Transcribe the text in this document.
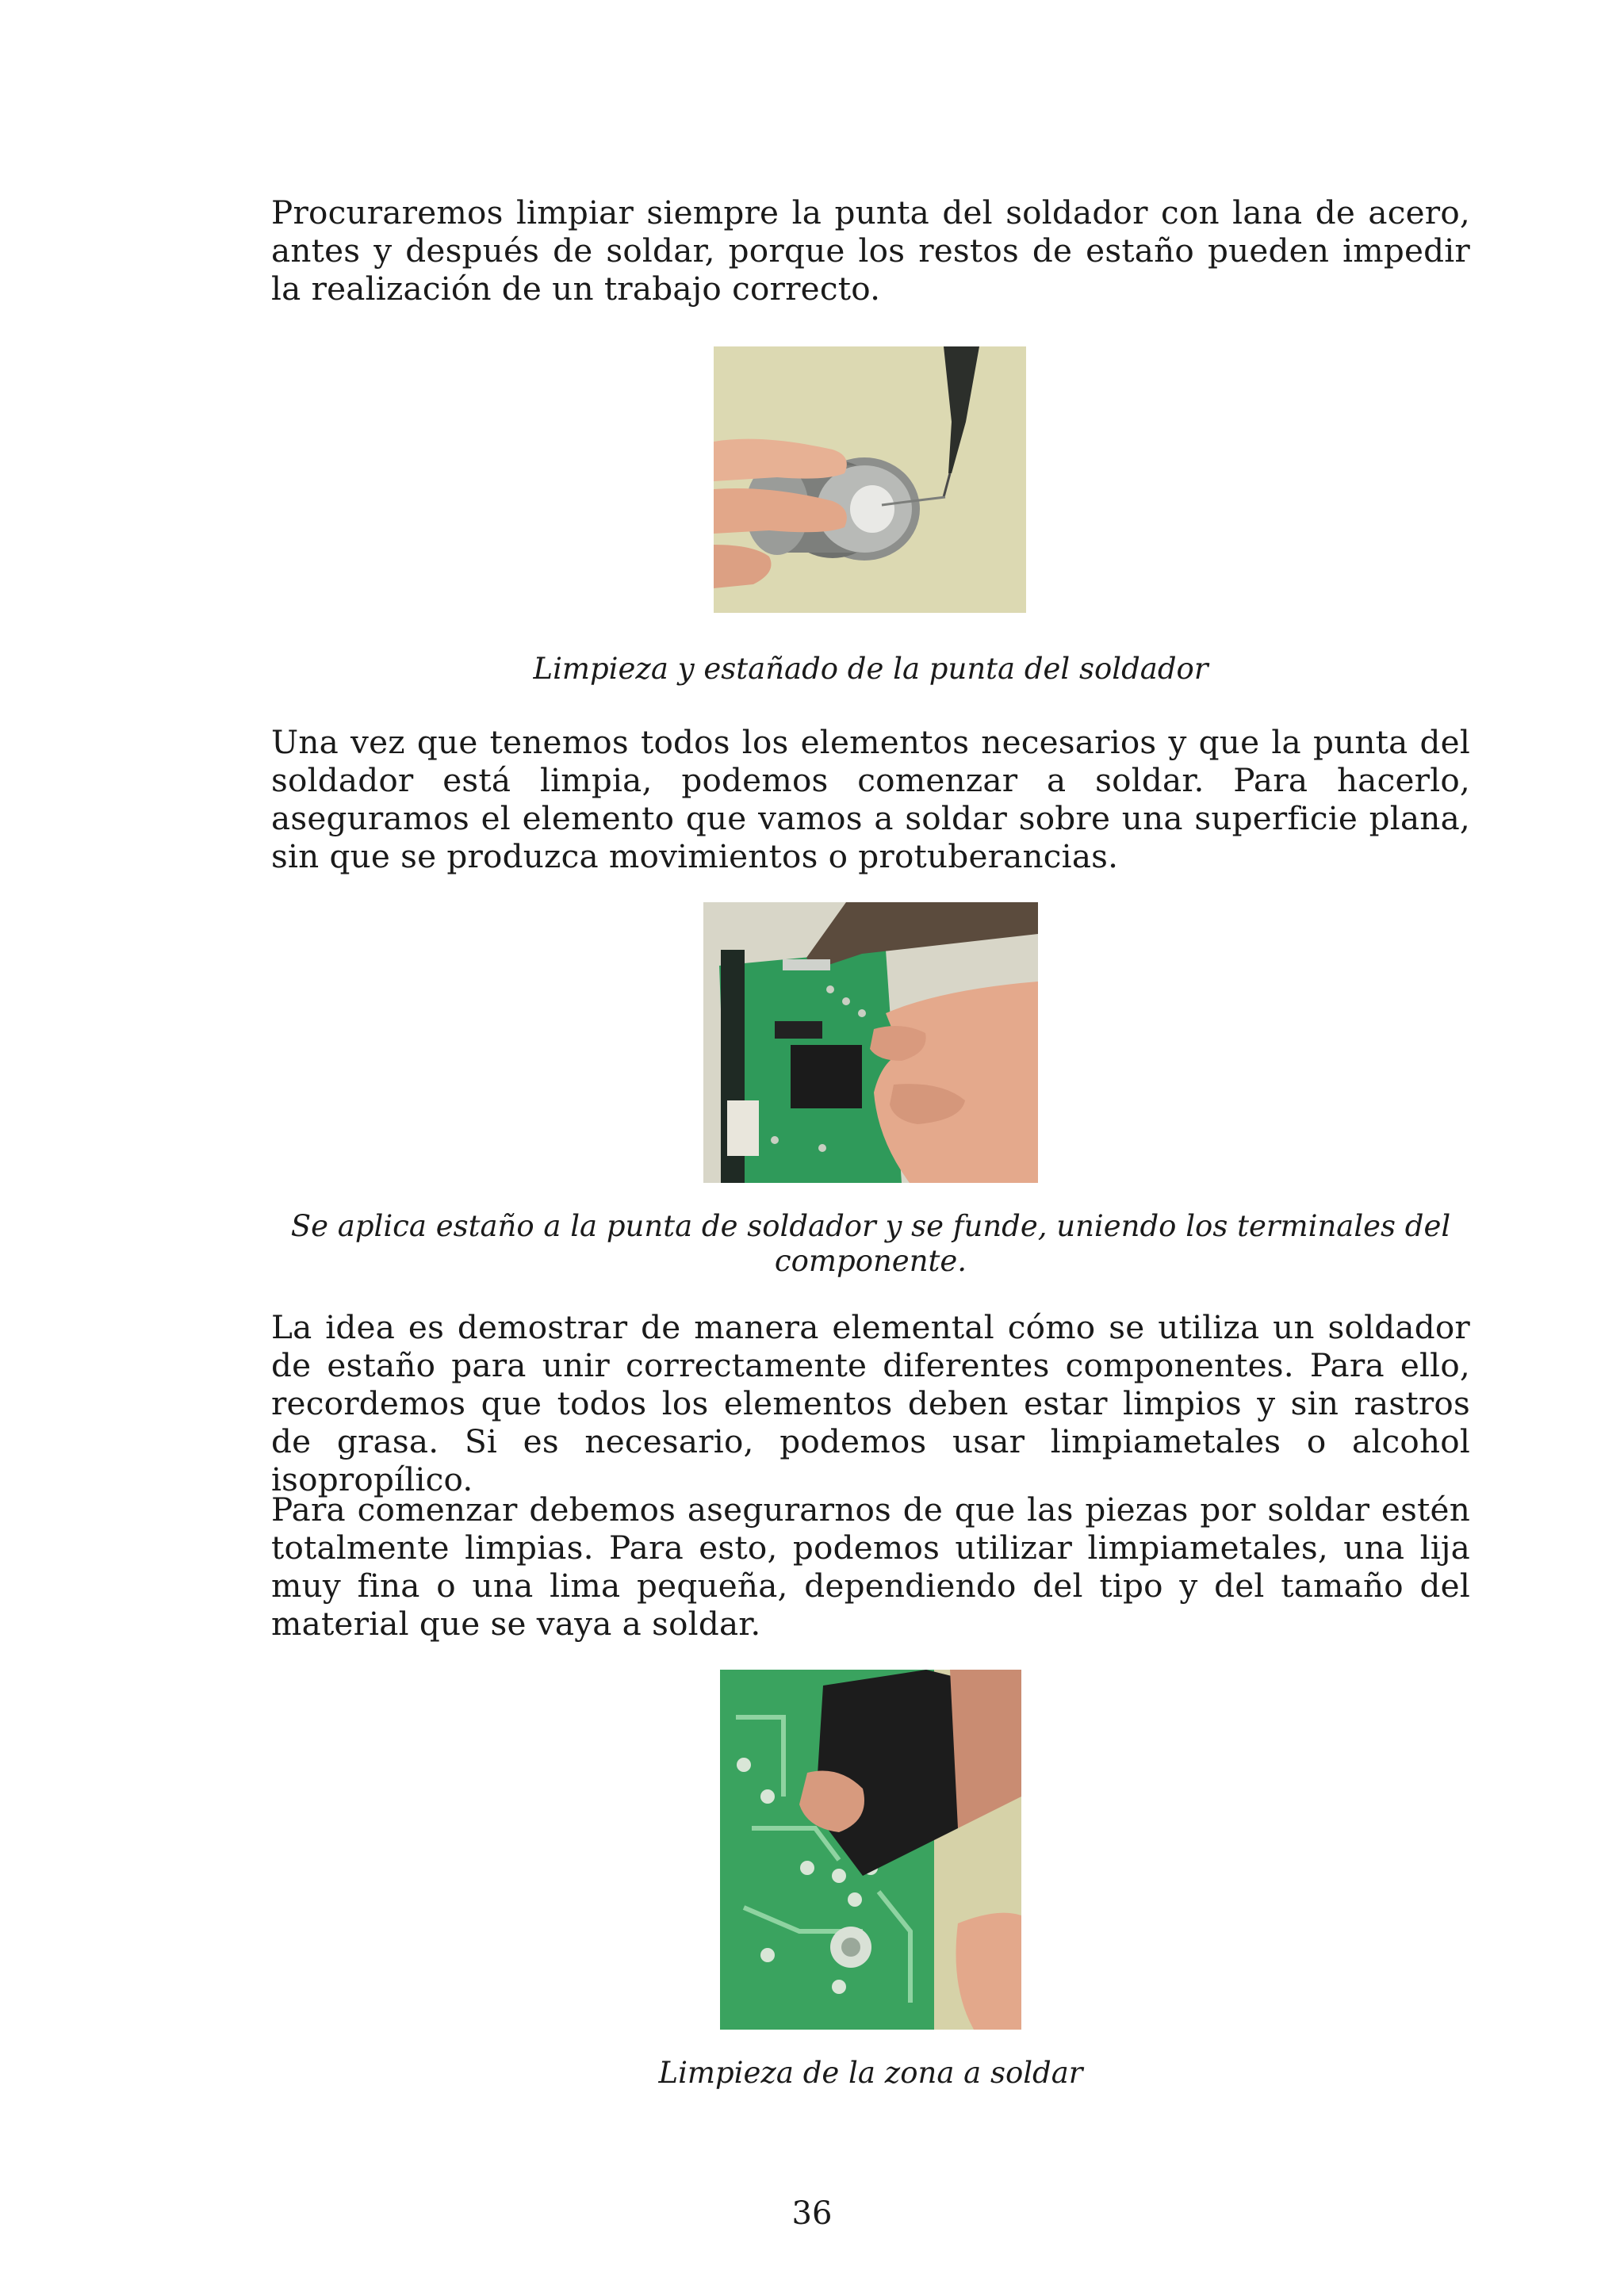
Procuraremos limpiar siempre la punta del soldador con lana de acero, antes y después de soldar, porque los restos de estaño pueden impedir la realización de un trabajo correcto.

Limpieza y estañado de la punta del soldador

Una vez que tenemos todos los elementos necesarios y que la punta del soldador está limpia, podemos comenzar a soldar. Para hacerlo, aseguramos el elemento que vamos a soldar sobre una superficie plana, sin que se produzca movimientos o protuberancias.

Se aplica estaño a la punta de soldador y se funde, uniendo los terminales del
componente.

La idea es demostrar de manera elemental cómo se utiliza un soldador de estaño para unir correctamente diferentes componentes. Para ello, recordemos que todos los elementos deben estar limpios y sin rastros de grasa. Si es necesario, podemos usar limpiametales o alcohol isopropílico.

Para comenzar debemos asegurarnos de que las piezas por soldar estén totalmente limpias. Para esto, podemos utilizar limpiametales, una lija muy fina o una lima pequeña, dependiendo del tipo y del tamaño del material que se vaya a soldar.

Limpieza de la zona a soldar

36
